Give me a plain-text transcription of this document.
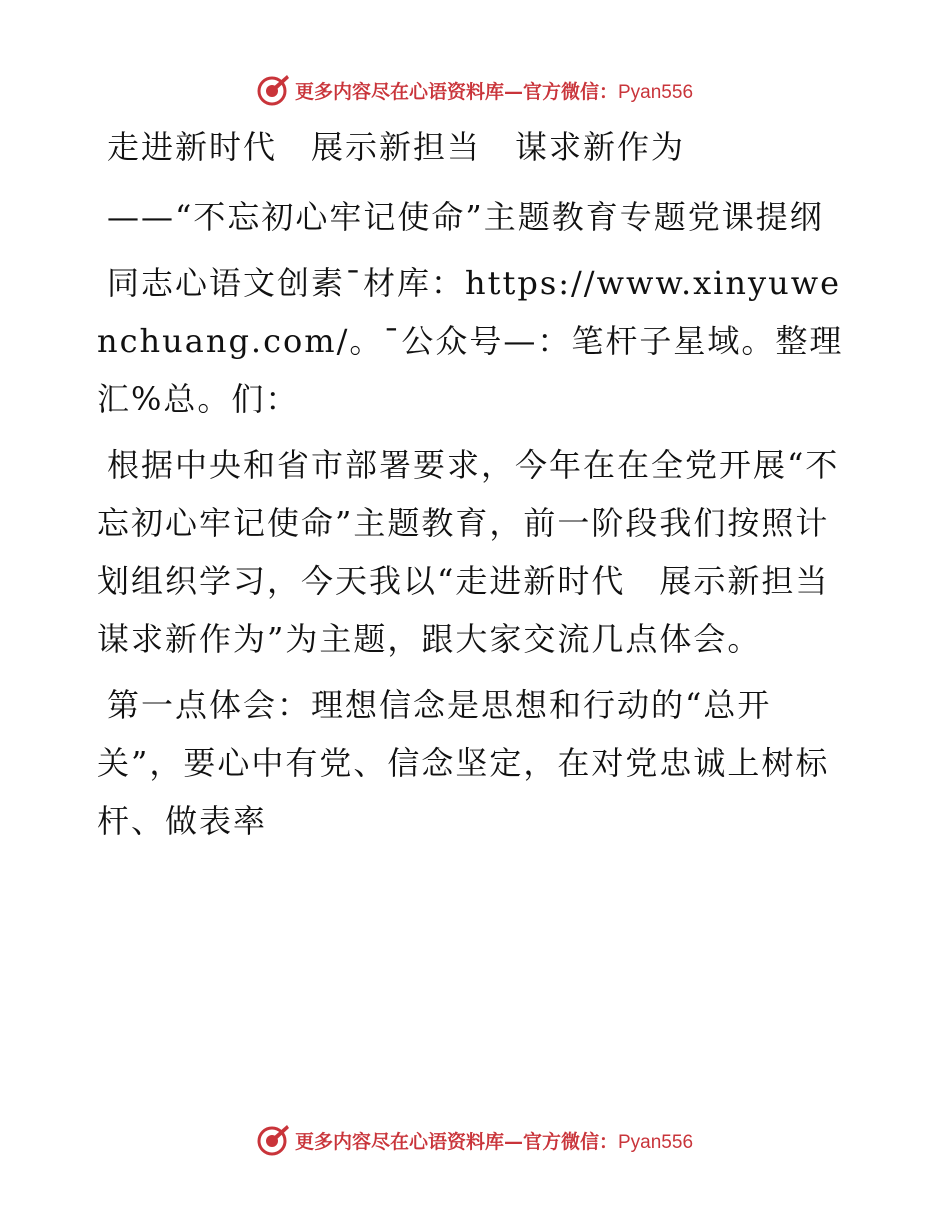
更多内容尽在心语资料库—官方微信：Pyan556

走进新时代　展示新担当　谋求新作为

——“不忘初心牢记使命”主题教育专题党课提纲

同志心语文创素¯材库：https://www.xinyuwenchuang.com/。¯公众号—：笔杆子星域。整理汇%总。们：

根据中央和省市部署要求，今年在在全党开展“不忘初心牢记使命”主题教育，前一阶段我们按照计划组织学习，今天我以“走进新时代　展示新担当　谋求新作为”为主题，跟大家交流几点体会。

第一点体会：理想信念是思想和行动的“总开关”，要心中有党、信念坚定，在对党忠诚上树标杆、做表率

更多内容尽在心语资料库—官方微信：Pyan556
